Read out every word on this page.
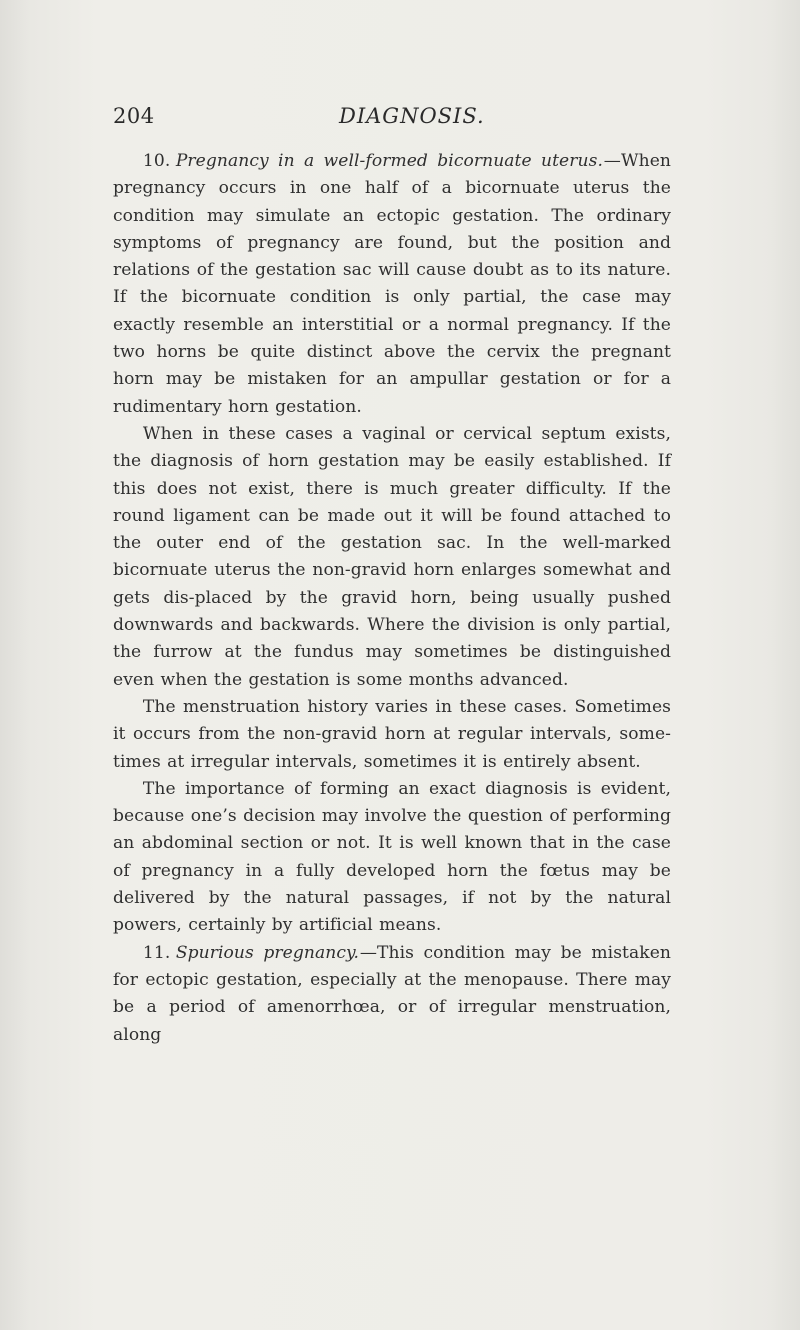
204	DIAGNOSIS.

10. Pregnancy in a well-formed bicornuate uterus.—When pregnancy occurs in one half of a bicornuate uterus the condition may simulate an ectopic gestation. The ordinary symptoms of pregnancy are found, but the position and relations of the gestation sac will cause doubt as to its nature. If the bicornuate condition is only partial, the case may exactly resemble an interstitial or a normal pregnancy. If the two horns be quite distinct above the cervix the pregnant horn may be mistaken for an ampullar gestation or for a rudimentary horn gestation.

When in these cases a vaginal or cervical septum exists, the diagnosis of horn gestation may be easily established. If this does not exist, there is much greater difficulty. If the round ligament can be made out it will be found attached to the outer end of the gestation sac. In the well-marked bicornuate uterus the non-gravid horn enlarges somewhat and gets dis-placed by the gravid horn, being usually pushed downwards and backwards. Where the division is only partial, the furrow at the fundus may sometimes be distinguished even when the gestation is some months advanced.

The menstruation history varies in these cases. Sometimes it occurs from the non-gravid horn at regular intervals, some-times at irregular intervals, sometimes it is entirely absent.

The importance of forming an exact diagnosis is evident, because one’s decision may involve the question of performing an abdominal section or not. It is well known that in the case of pregnancy in a fully developed horn the fœtus may be delivered by the natural passages, if not by the natural powers, certainly by artificial means.

11. Spurious pregnancy.—This condition may be mistaken for ectopic gestation, especially at the menopause. There may be a period of amenorrhœa, or of irregular menstruation, along
